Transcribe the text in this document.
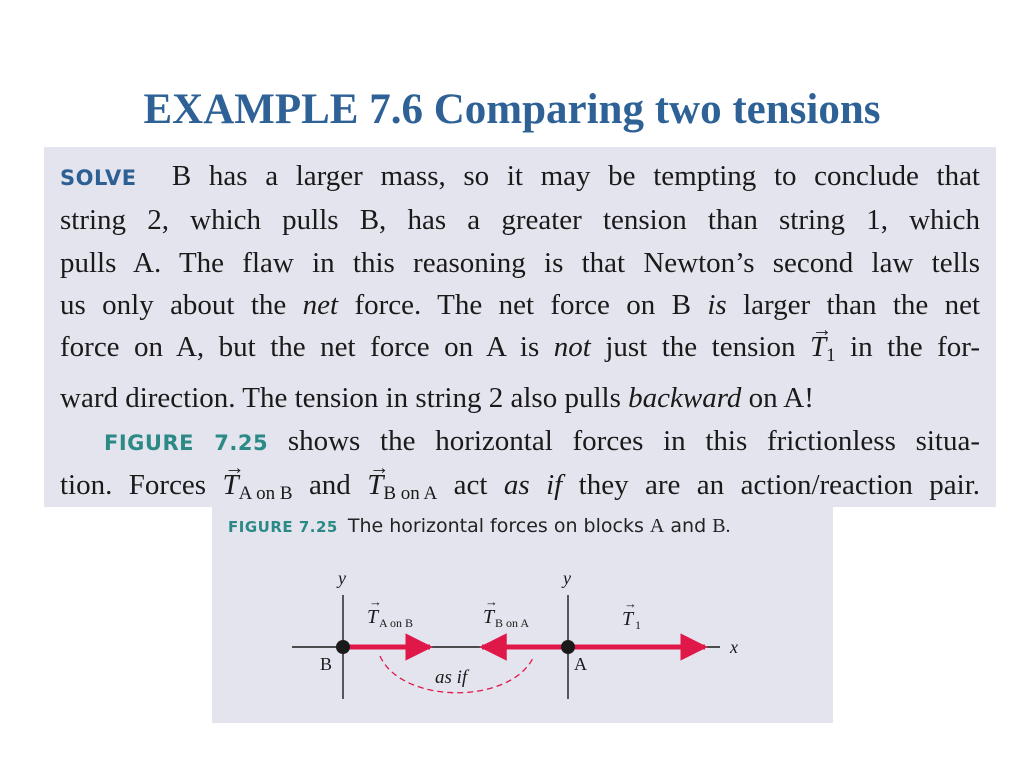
EXAMPLE 7.6 Comparing two tensions

SOLVE B has a larger mass, so it may be tempting to conclude that

string 2, which pulls B, has a greater tension than string 1, which

pulls A. The flaw in this reasoning is that Newton’s second law tells

us only about the net force. The net force on B is larger than the net

force on A, but the net force on A is not just the tension → $T_1$ in the for-

ward direction. The tension in string 2 also pulls backward on A!

FIGURE 7.25 shows the horizontal forces in this frictionless situa-

tion. Forces → $T_{A on B}$ and → $T_{B on A}$ act as if they are an action/reaction pair.

FIGURE 7.25 The horizontal forces on blocks A and B.
y	y
x
B	A
→
T A on B
→
T B on A
→
T 1
as if
